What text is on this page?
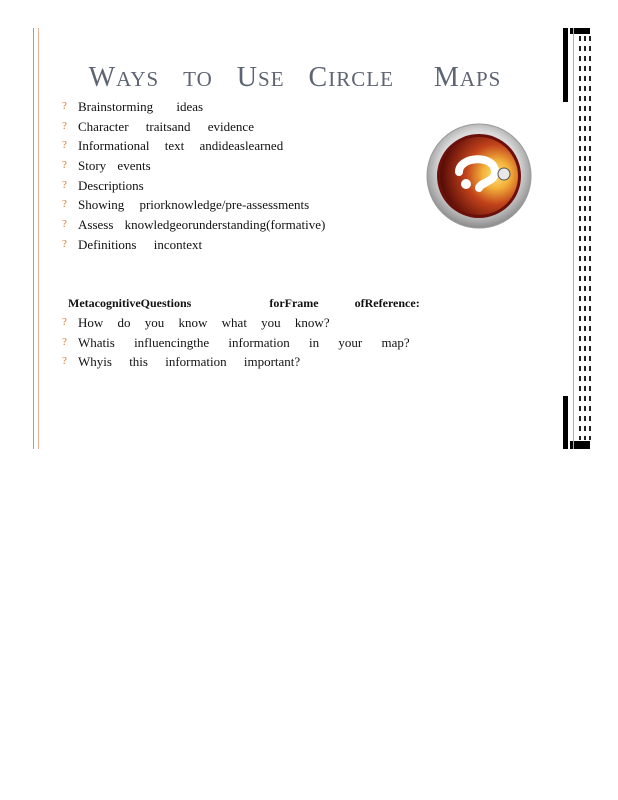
WAYS TO USE CIRCLE MAPS
? Brainstorming ideas
? Character traitsand evidence
? Informational text andideaslearned
? Story events
? Descriptions
? Showing priorknowledge/pre-assessments
? Assess knowledgeorunderstanding(formative)
? Definitions incontext
MetacognitiveQuestions	forFrame	ofReference:
? How do you know what you know?
? Whatis influencingthe information in your map?
? Whyis this information important?
